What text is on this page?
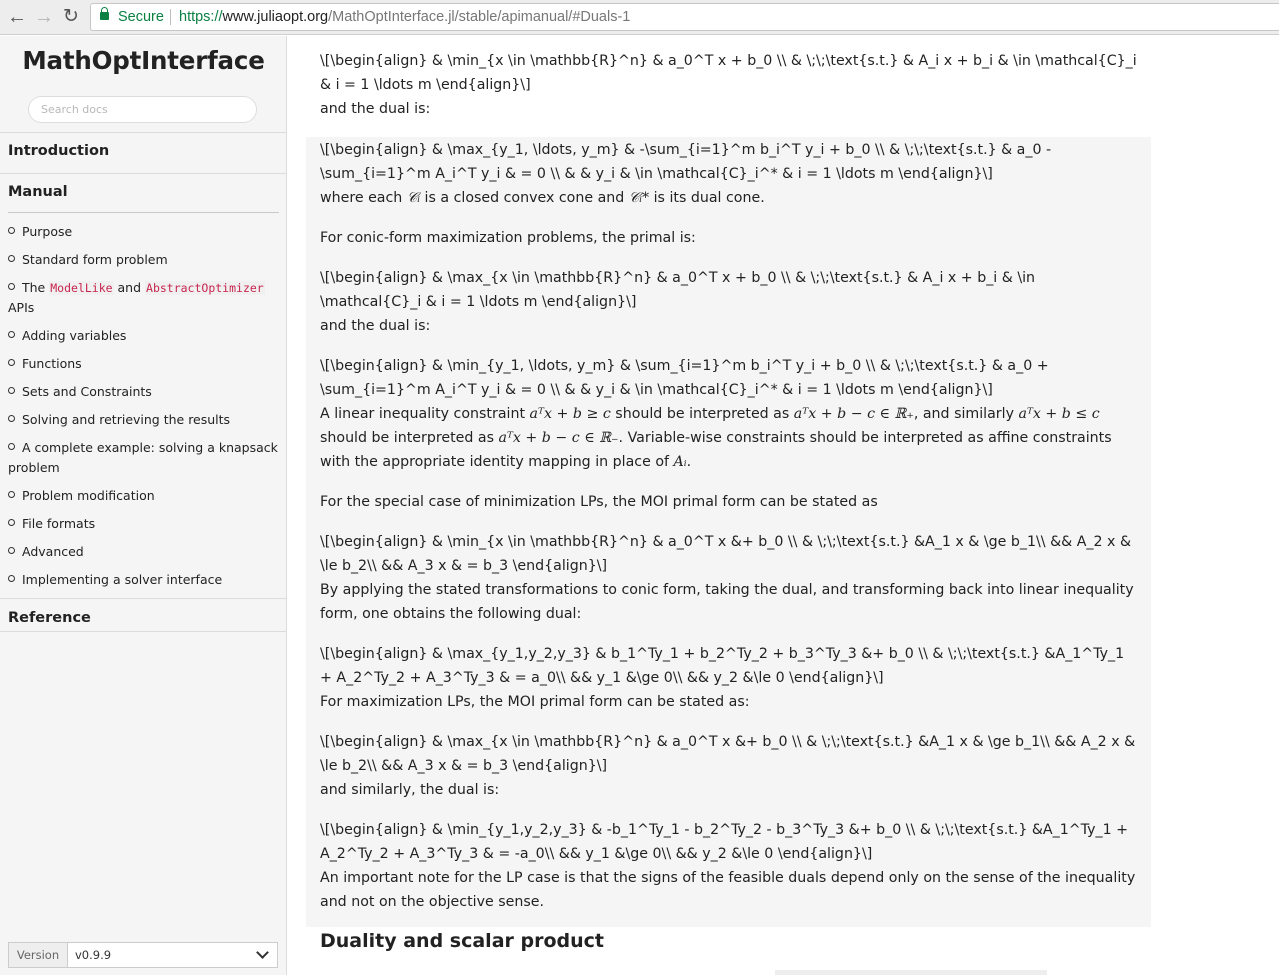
← → ↻	Secure https://www.juliaopt.org/MathOptInterface.jl/stable/apimanual/#Duals-1
MathOptInterface
Search docs
Introduction
Manual
Purpose
Standard form problem
The ModelLike and AbstractOptimizer
APIs
Adding variables
Functions
Sets and Constraints
Solving and retrieving the results
A complete example: solving a knapsack problem
Problem modification
File formats
Advanced
Implementing a solver interface
Reference
Version	v0.9.9

\[\begin{align} & \min_{x \in \mathbb{R}^n} & a_0^T x + b_0 \\ & \;\;\text{s.t.} & A_i x + b_i & \in \mathcal{C}_i & i = 1 \ldots m \end{align}\]

and the dual is:

\[\begin{align} & \max_{y_1, \ldots, y_m} & -\sum_{i=1}^m b_i^T y_i + b_0 \\ & \;\;\text{s.t.} & a_0 - \sum_{i=1}^m A_i^T y_i & = 0 \\ & & y_i & \in \mathcal{C}_i^* & i = 1 \ldots m \end{align}\]

where each 𝒞ᵢ is a closed convex cone and 𝒞ᵢ* is its dual cone.

For conic-form maximization problems, the primal is:

\[\begin{align} & \max_{x \in \mathbb{R}^n} & a_0^T x + b_0 \\ & \;\;\text{s.t.} & A_i x + b_i & \in \mathcal{C}_i & i = 1 \ldots m \end{align}\]

and the dual is:

\[\begin{align} & \min_{y_1, \ldots, y_m} & \sum_{i=1}^m b_i^T y_i + b_0 \\ & \;\;\text{s.t.} & a_0 + \sum_{i=1}^m A_i^T y_i & = 0 \\ & & y_i & \in \mathcal{C}_i^* & i = 1 \ldots m \end{align}\]

A linear inequality constraint aᵀx + b ≥ c should be interpreted as aᵀx + b − c ∈ ℝ₊, and similarly aᵀx + b ≤ c should be interpreted as aᵀx + b − c ∈ ℝ₋. Variable-wise constraints should be interpreted as affine constraints with the appropriate identity mapping in place of Aᵢ.

For the special case of minimization LPs, the MOI primal form can be stated as

\[\begin{align} & \min_{x \in \mathbb{R}^n} & a_0^T x &+ b_0 \\ & \;\;\text{s.t.} &A_1 x & \ge b_1\\ && A_2 x & \le b_2\\ && A_3 x & = b_3 \end{align}\]

By applying the stated transformations to conic form, taking the dual, and transforming back into linear inequality form, one obtains the following dual:

\[\begin{align} & \max_{y_1,y_2,y_3} & b_1^Ty_1 + b_2^Ty_2 + b_3^Ty_3 &+ b_0 \\ & \;\;\text{s.t.} &A_1^Ty_1 + A_2^Ty_2 + A_3^Ty_3 & = a_0\\ && y_1 &\ge 0\\ && y_2 &\le 0 \end{align}\]

For maximization LPs, the MOI primal form can be stated as:

\[\begin{align} & \max_{x \in \mathbb{R}^n} & a_0^T x &+ b_0 \\ & \;\;\text{s.t.} &A_1 x & \ge b_1\\ && A_2 x & \le b_2\\ && A_3 x & = b_3 \end{align}\]

and similarly, the dual is:

\[\begin{align} & \min_{y_1,y_2,y_3} & -b_1^Ty_1 - b_2^Ty_2 - b_3^Ty_3 &+ b_0 \\ & \;\;\text{s.t.} &A_1^Ty_1 + A_2^Ty_2 + A_3^Ty_3 & = -a_0\\ && y_1 &\ge 0\\ && y_2 &\le 0 \end{align}\]

An important note for the LP case is that the signs of the feasible duals depend only on the sense of the inequality and not on the objective sense.

Duality and scalar product
